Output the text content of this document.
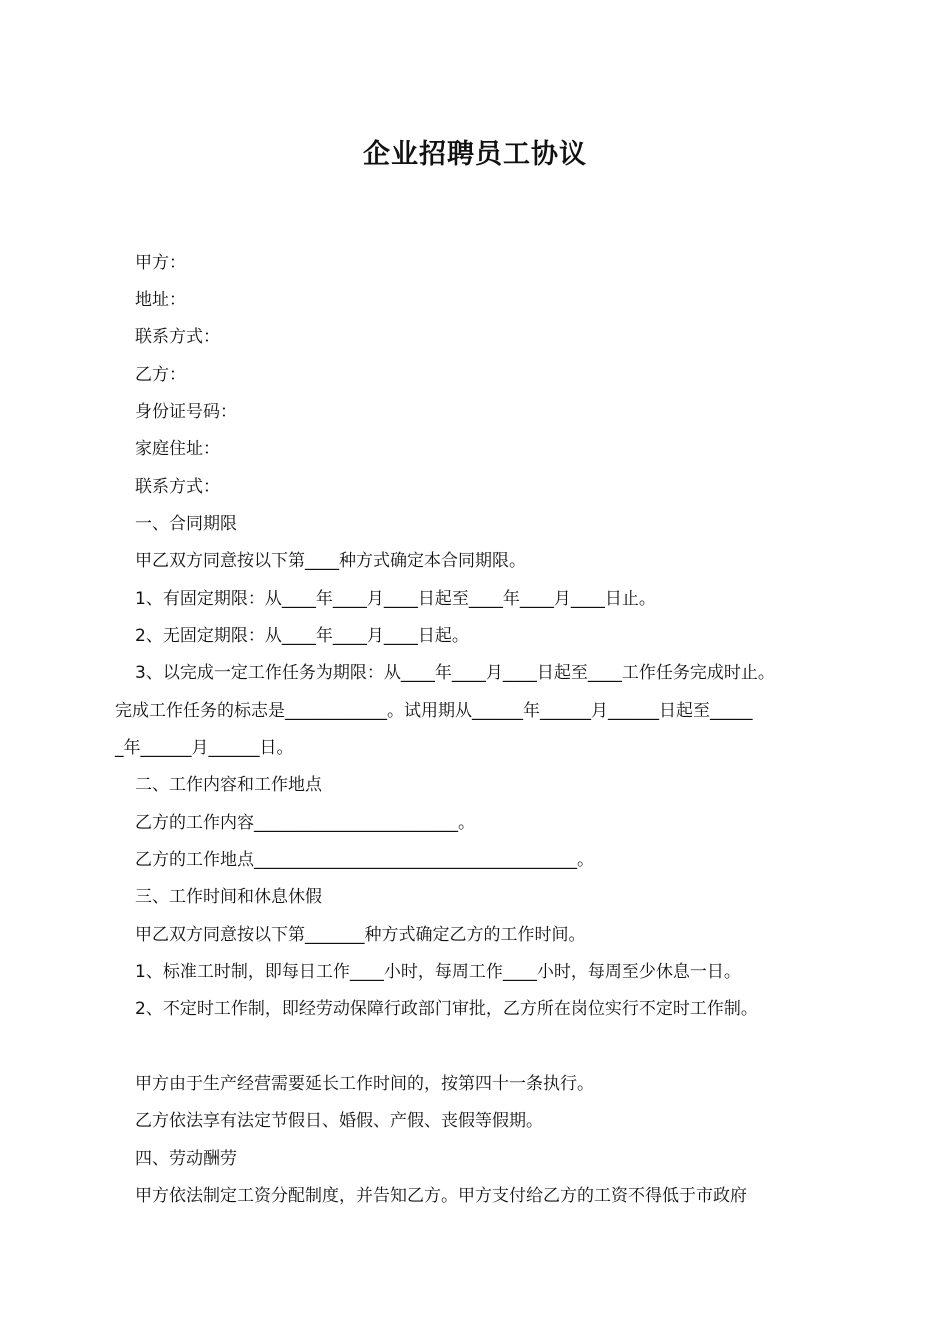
企业招聘员工协议
甲方：
地址：
联系方式：
乙方：
身份证号码：
家庭住址：
联系方式：
一、合同期限
甲乙双方同意按以下第____种方式确定本合同期限。
1、有固定期限：从____年____月____日起至____年____月____日止。
2、无固定期限：从____年____月____日起。
3、以完成一定工作任务为期限：从____年____月____日起至____工作任务完成时止。
完成工作任务的标志是____________。试用期从______年______月______日起至_____
_年______月______日。
二、工作内容和工作地点
乙方的工作内容________________________。
乙方的工作地点______________________________________。
三、工作时间和休息休假
甲乙双方同意按以下第_______种方式确定乙方的工作时间。
1、标准工时制，即每日工作____小时，每周工作____小时，每周至少休息一日。
2、不定时工作制，即经劳动保障行政部门审批，乙方所在岗位实行不定时工作制。
甲方由于生产经营需要延长工作时间的，按第四十一条执行。
乙方依法享有法定节假日、婚假、产假、丧假等假期。
四、劳动酬劳
甲方依法制定工资分配制度，并告知乙方。甲方支付给乙方的工资不得低于市政府
